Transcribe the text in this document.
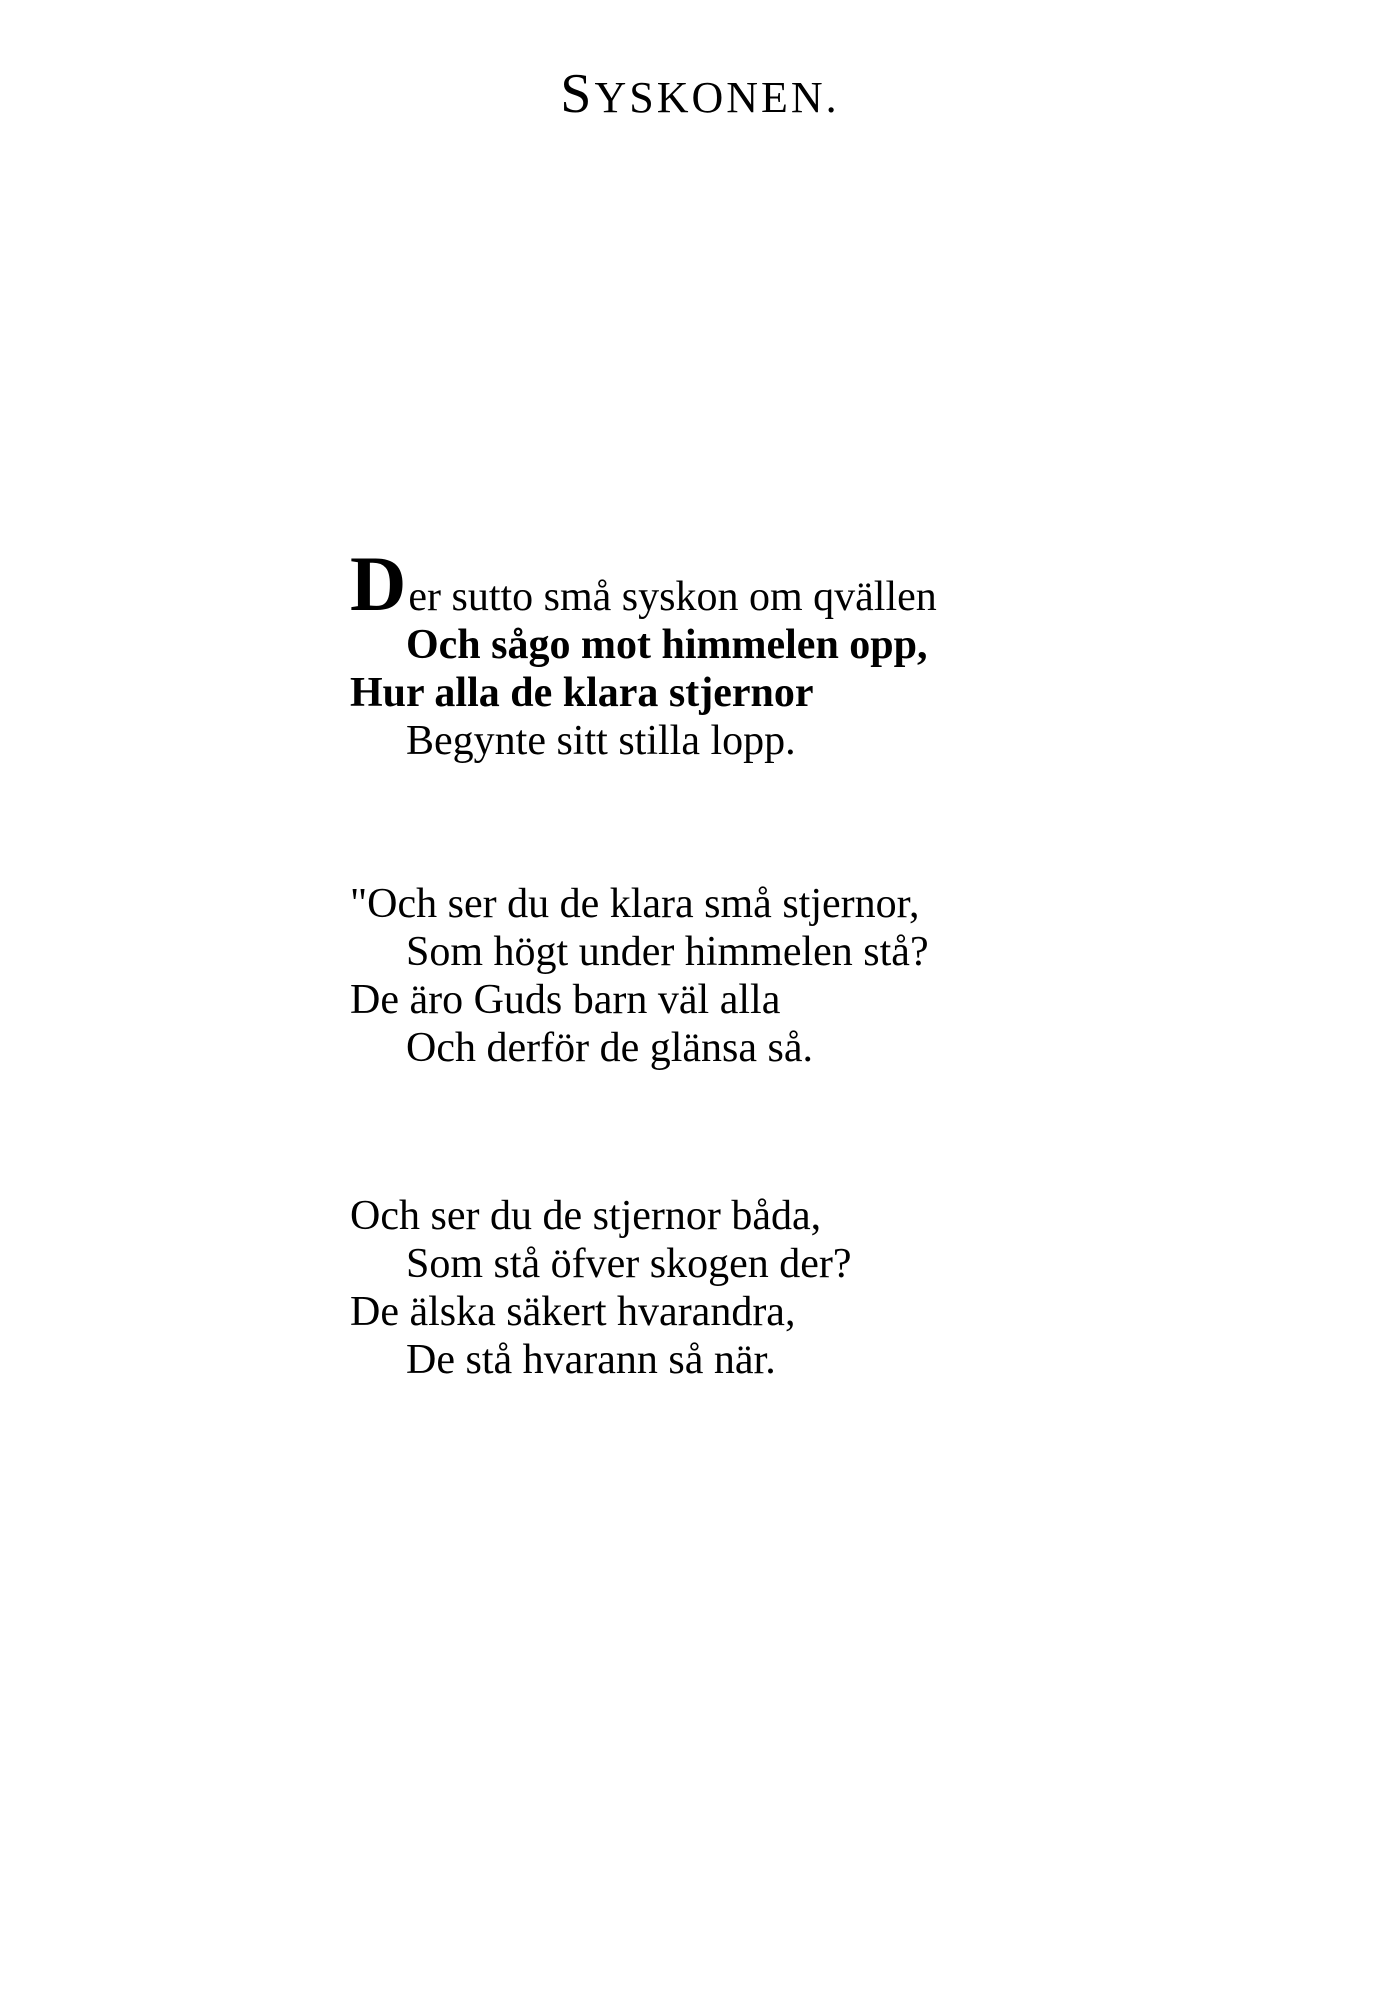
SYSKONEN.
Der sutto små syskon om qvällen
Och sågo mot himmelen opp,
Hur alla de klara stjernor
Begynte sitt stilla lopp.
"Och ser du de klara små stjernor,
Som högt under himmelen stå?
De äro Guds barn väl alla
Och derför de glänsa så.
Och ser du de stjernor båda,
Som stå öfver skogen der?
De älska säkert hvarandra,
De stå hvarann så när.
